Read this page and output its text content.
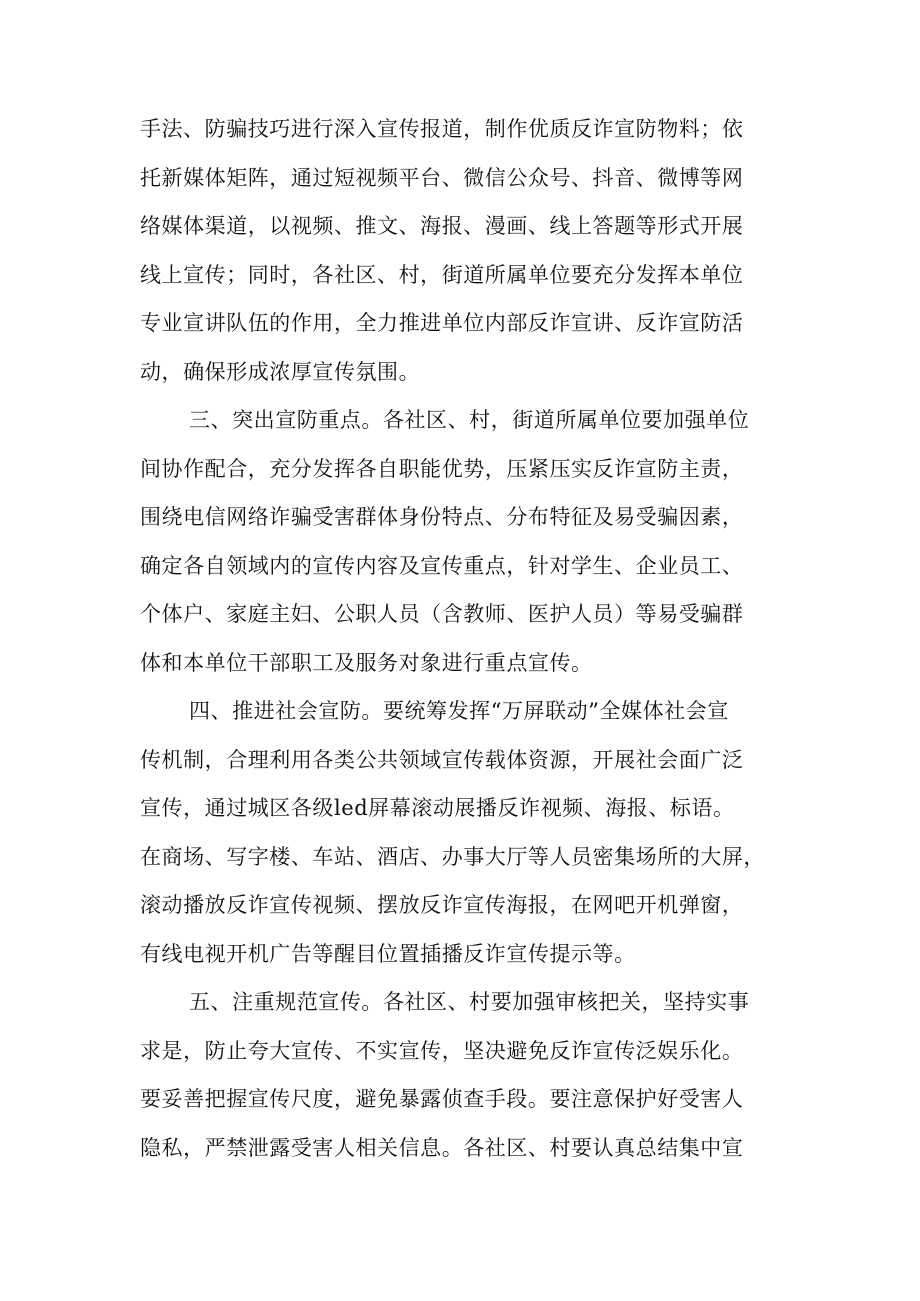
手法、防骗技巧进行深入宣传报道，制作优质反诈宣防物料；依
托新媒体矩阵，通过短视频平台、微信公众号、抖音、微博等网
络媒体渠道，以视频、推文、海报、漫画、线上答题等形式开展
线上宣传；同时，各社区、村，街道所属单位要充分发挥本单位
专业宣讲队伍的作用，全力推进单位内部反诈宣讲、反诈宣防活
动，确保形成浓厚宣传氛围。
三、突出宣防重点。各社区、村，街道所属单位要加强单位
间协作配合，充分发挥各自职能优势，压紧压实反诈宣防主责，
围绕电信网络诈骗受害群体身份特点、分布特征及易受骗因素，
确定各自领域内的宣传内容及宣传重点，针对学生、企业员工、
个体户、家庭主妇、公职人员（含教师、医护人员）等易受骗群
体和本单位干部职工及服务对象进行重点宣传。
四、推进社会宣防。要统筹发挥“万屏联动”全媒体社会宣
传机制，合理利用各类公共领域宣传载体资源，开展社会面广泛
宣传，通过城区各级led屏幕滚动展播反诈视频、海报、标语。
在商场、写字楼、车站、酒店、办事大厅等人员密集场所的大屏，
滚动播放反诈宣传视频、摆放反诈宣传海报，在网吧开机弹窗，
有线电视开机广告等醒目位置插播反诈宣传提示等。
五、注重规范宣传。各社区、村要加强审核把关，坚持实事
求是，防止夸大宣传、不实宣传，坚决避免反诈宣传泛娱乐化。
要妥善把握宣传尺度，避免暴露侦查手段。要注意保护好受害人
隐私，严禁泄露受害人相关信息。各社区、村要认真总结集中宣
